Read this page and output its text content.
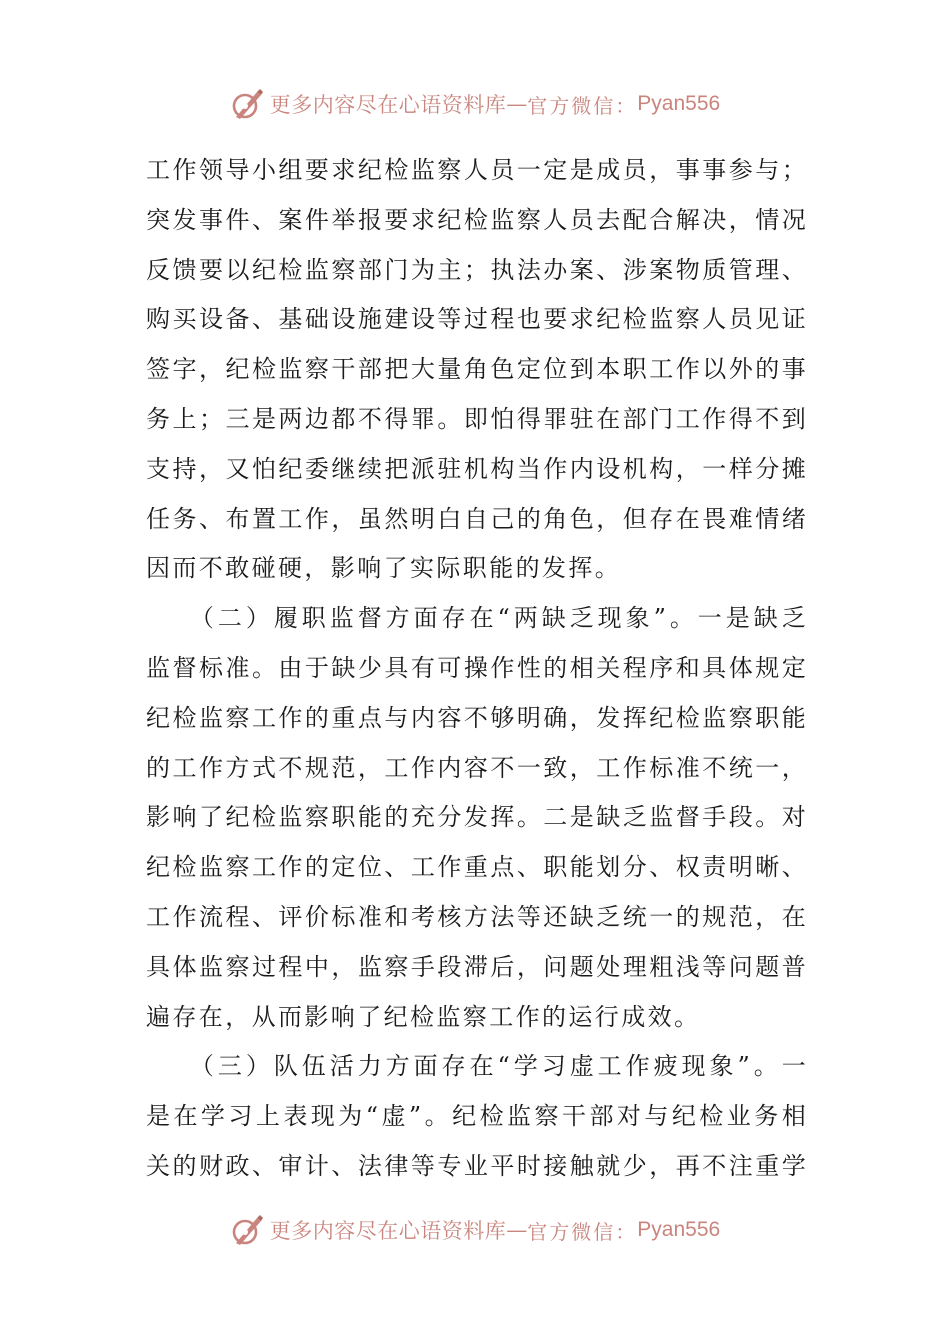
更多内容尽在心语资料库 — 官方微信： Pyan556
工作领导小组要求纪检监察人员一定是成员，事事参与；
突发事件、案件举报要求纪检监察人员去配合解决，情况
反馈要以纪检监察部门为主；执法办案、涉案物质管理、
购买设备、基础设施建设等过程也要求纪检监察人员见证
签字，纪检监察干部把大量角色定位到本职工作以外的事
务上；三是两边都不得罪。即怕得罪驻在部门工作得不到
支持，又怕纪委继续把派驻机构当作内设机构，一样分摊
任务、布置工作，虽然明白自己的角色，但存在畏难情绪
因而不敢碰硬，影响了实际职能的发挥。
　　（二）履职监督方面存在“两缺乏现象”。一是缺乏
监督标准。由于缺少具有可操作性的相关程序和具体规定
纪检监察工作的重点与内容不够明确，发挥纪检监察职能
的工作方式不规范，工作内容不一致，工作标准不统一，
影响了纪检监察职能的充分发挥。二是缺乏监督手段。对
纪检监察工作的定位、工作重点、职能划分、权责明晰、
工作流程、评价标准和考核方法等还缺乏统一的规范，在
具体监察过程中，监察手段滞后，问题处理粗浅等问题普
遍存在，从而影响了纪检监察工作的运行成效。
　　（三）队伍活力方面存在“学习虚工作疲现象”。一
是在学习上表现为“虚”。纪检监察干部对与纪检业务相
关的财政、审计、法律等专业平时接触就少，再不注重学
更多内容尽在心语资料库 — 官方微信： Pyan556
